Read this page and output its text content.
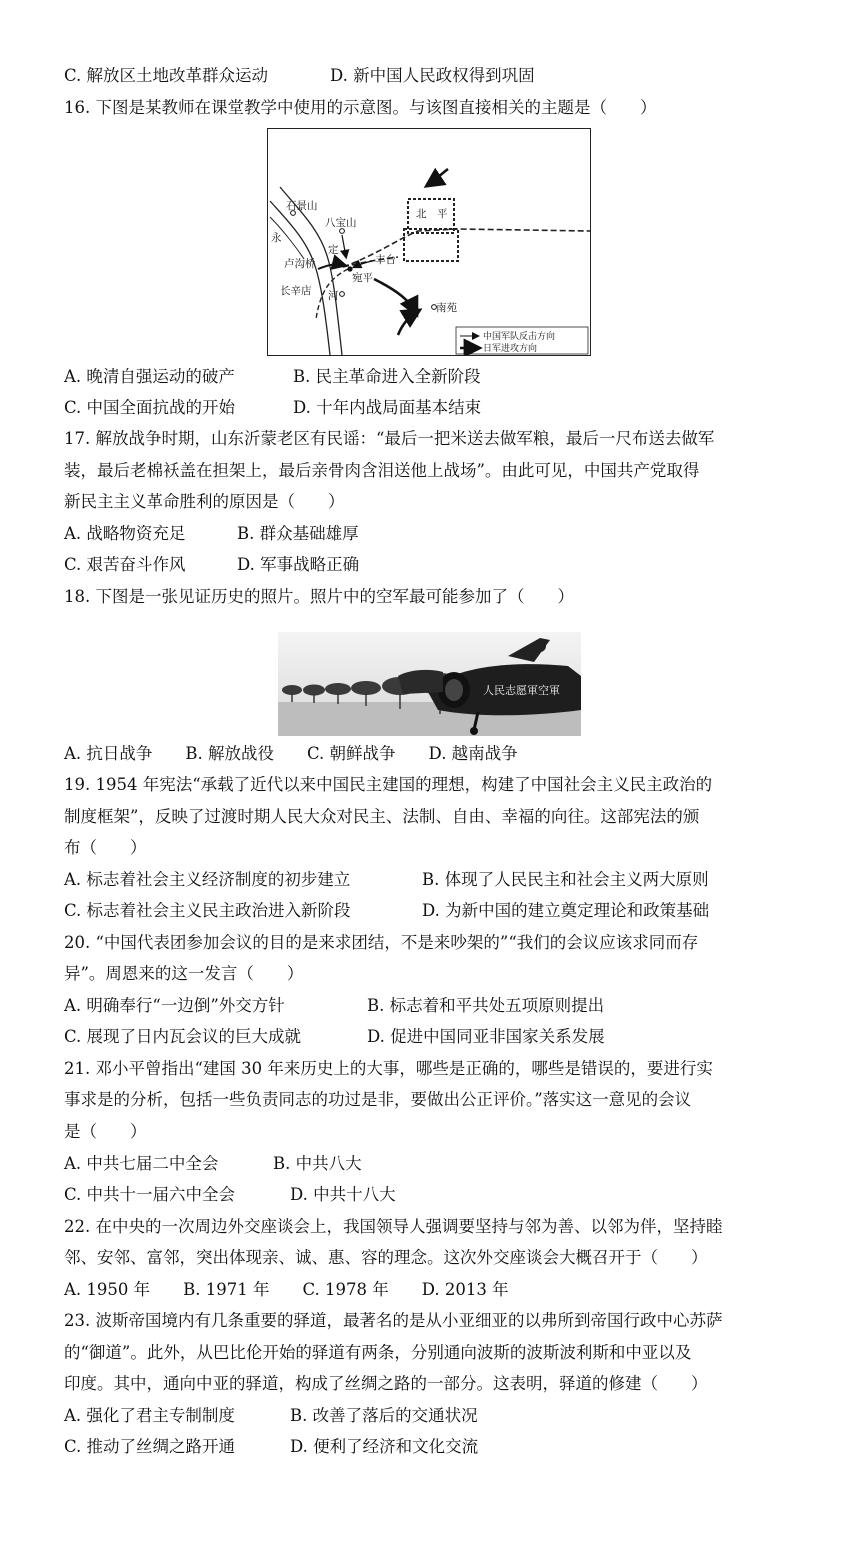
C. 解放区土地改革群众运动	D. 新中国人民政权得到巩固
16. 下图是某教师在课堂教学中使用的示意图。与该图直接相关的主题是（　　）
北　平
石景山
八宝山
永
卢沟桥
定
宛平
丰台
长辛店 河
南苑
中国军队反击方向
日军进攻方向
A. 晚清自强运动的破产	B. 民主革命进入全新阶段
C. 中国全面抗战的开始	D. 十年内战局面基本结束
17. 解放战争时期，山东沂蒙老区有民谣：“最后一把米送去做军粮，最后一尺布送去做军
装，最后老棉袄盖在担架上，最后亲骨肉含泪送他上战场”。由此可见，中国共产党取得
新民主主义革命胜利的原因是（　　）
A. 战略物资充足	B. 群众基础雄厚
C. 艰苦奋斗作风	D. 军事战略正确
18. 下图是一张见证历史的照片。照片中的空军最可能参加了（　　）
人民志愿軍空軍
A. 抗日战争　　B. 解放战役　　C. 朝鲜战争　　D. 越南战争
19. 1954 年宪法“承载了近代以来中国民主建国的理想，构建了中国社会主义民主政治的
制度框架”，反映了过渡时期人民大众对民主、法制、自由、幸福的向往。这部宪法的颁
布（　　）
A. 标志着社会主义经济制度的初步建立	B. 体现了人民民主和社会主义两大原则
C. 标志着社会主义民主政治进入新阶段	D. 为新中国的建立奠定理论和政策基础
20. “中国代表团参加会议的目的是来求团结，不是来吵架的”“我们的会议应该求同而存
异”。周恩来的这一发言（　　）
A. 明确奉行“一边倒”外交方针	B. 标志着和平共处五项原则提出
C. 展现了日内瓦会议的巨大成就	D. 促进中国同亚非国家关系发展
21. 邓小平曾指出“建国 30 年来历史上的大事，哪些是正确的，哪些是错误的，要进行实
事求是的分析，包括一些负责同志的功过是非，要做出公正评价。”落实这一意见的会议
是（　　）
A. 中共七届二中全会	B. 中共八大
C. 中共十一届六中全会	D. 中共十八大
22. 在中央的一次周边外交座谈会上，我国领导人强调要坚持与邻为善、以邻为伴，坚持睦
邻、安邻、富邻，突出体现亲、诚、惠、容的理念。这次外交座谈会大概召开于（　　）
A. 1950 年　　B. 1971 年　　C. 1978 年　　D. 2013 年
23. 波斯帝国境内有几条重要的驿道，最著名的是从小亚细亚的以弗所到帝国行政中心苏萨
的“御道”。此外，从巴比伦开始的驿道有两条，分别通向波斯的波斯波利斯和中亚以及
印度。其中，通向中亚的驿道，构成了丝绸之路的一部分。这表明，驿道的修建（　　）
A. 强化了君主专制制度	B. 改善了落后的交通状况
C. 推动了丝绸之路开通	D. 便利了经济和文化交流
